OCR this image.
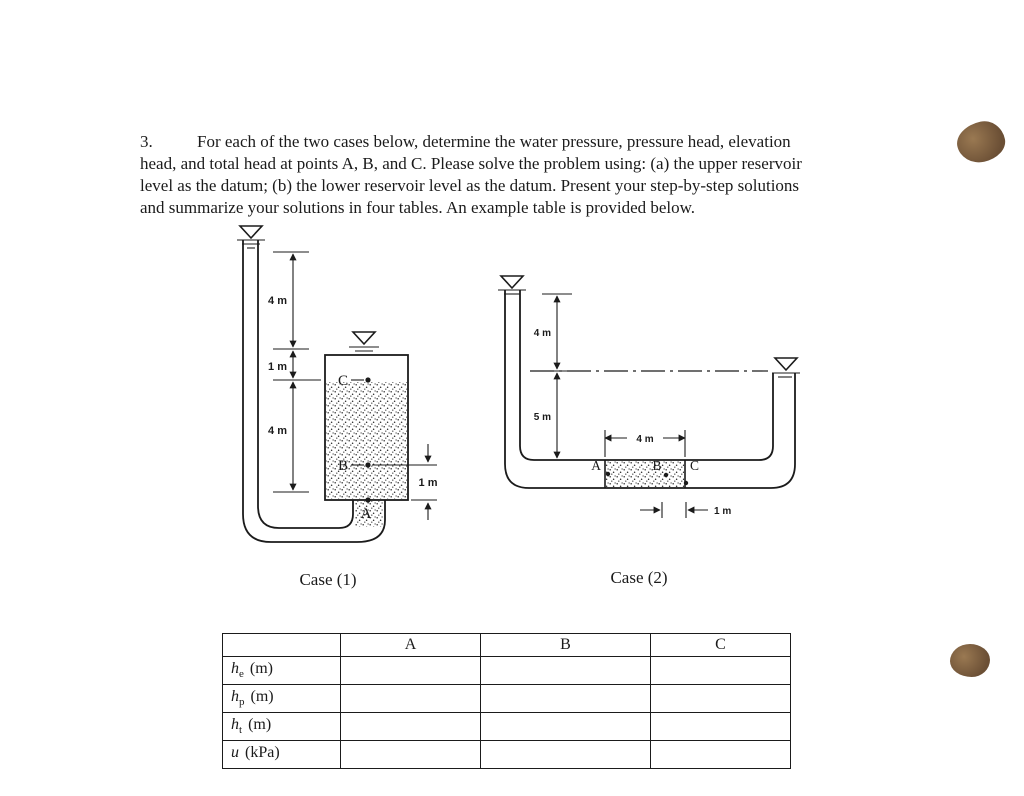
3.	For each of the two cases below, determine the water pressure, pressure head, elevation
head, and total head at points A, B, and C. Please solve the problem using: (a) the upper reservoir
level as the datum; (b) the lower reservoir level as the datum. Present your step-by-step solutions
and summarize your solutions in four tables. An example table is provided below.
4 m
1 m
4 m
C
B
A
1 m
4 m
5 m
4 m
A	B C
1 m
Case (1)	Case (2)
	A	B	C
$h_e$ (m)			
$h_p$ (m)			
$h_t$ (m)			
u (kPa)			
